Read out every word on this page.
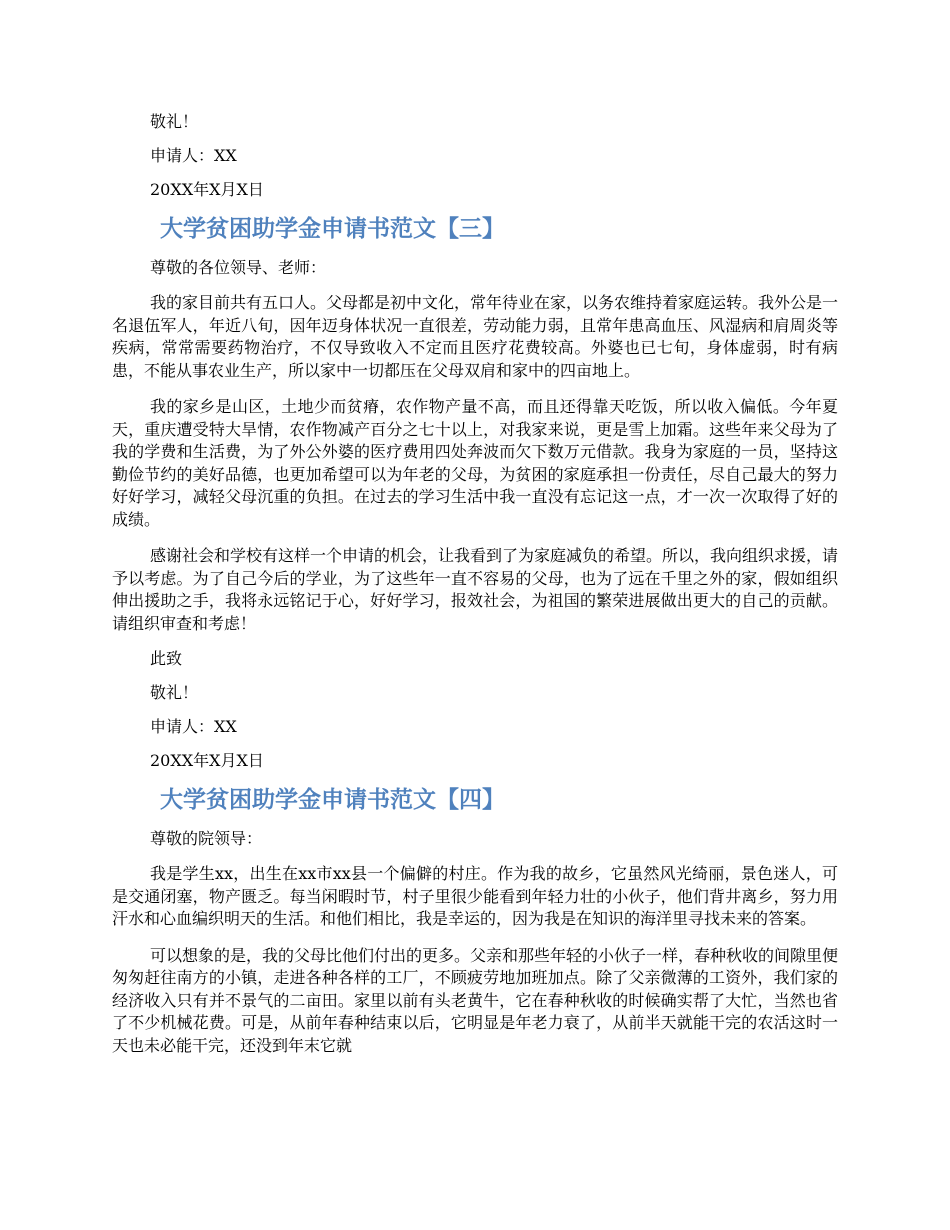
敬礼！
申请人：XX
20XX年X月X日
大学贫困助学金申请书范文【三】
尊敬的各位领导、老师：

我的家目前共有五口人。父母都是初中文化，常年待业在家，以务农维持着家庭运转。我外公是一名退伍军人，年近八旬，因年迈身体状况一直很差，劳动能力弱，且常年患高血压、风湿病和肩周炎等疾病，常常需要药物治疗，不仅导致收入不定而且医疗花费较高。外婆也已七旬，身体虚弱，时有病患，不能从事农业生产，所以家中一切都压在父母双肩和家中的四亩地上。

我的家乡是山区，土地少而贫瘠，农作物产量不高，而且还得靠天吃饭，所以收入偏低。今年夏天，重庆遭受特大旱情，农作物减产百分之七十以上，对我家来说，更是雪上加霜。这些年来父母为了我的学费和生活费，为了外公外婆的医疗费用四处奔波而欠下数万元借款。我身为家庭的一员，坚持这勤俭节约的美好品德，也更加希望可以为年老的父母，为贫困的家庭承担一份责任，尽自己最大的努力好好学习，减轻父母沉重的负担。在过去的学习生活中我一直没有忘记这一点，才一次一次取得了好的成绩。

感谢社会和学校有这样一个申请的机会，让我看到了为家庭减负的希望。所以，我向组织求援，请予以考虑。为了自己今后的学业，为了这些年一直不容易的父母，也为了远在千里之外的家，假如组织伸出援助之手，我将永远铭记于心，好好学习，报效社会，为祖国的繁荣进展做出更大的自己的贡献。请组织审查和考虑！

此致
敬礼！
申请人：XX
20XX年X月X日
大学贫困助学金申请书范文【四】
尊敬的院领导：

我是学生xx，出生在xx市xx县一个偏僻的村庄。作为我的故乡，它虽然风光绮丽，景色迷人，可是交通闭塞，物产匮乏。每当闲暇时节，村子里很少能看到年轻力壮的小伙子，他们背井离乡，努力用汗水和心血编织明天的生活。和他们相比，我是幸运的，因为我是在知识的海洋里寻找未来的答案。

可以想象的是，我的父母比他们付出的更多。父亲和那些年轻的小伙子一样，春种秋收的间隙里便匆匆赶往南方的小镇，走进各种各样的工厂，不顾疲劳地加班加点。除了父亲微薄的工资外，我们家的经济收入只有并不景气的二亩田。家里以前有头老黄牛，它在春种秋收的时候确实帮了大忙，当然也省了不少机械花费。可是，从前年春种结束以后，它明显是年老力衰了，从前半天就能干完的农活这时一天也未必能干完，还没到年末它就
